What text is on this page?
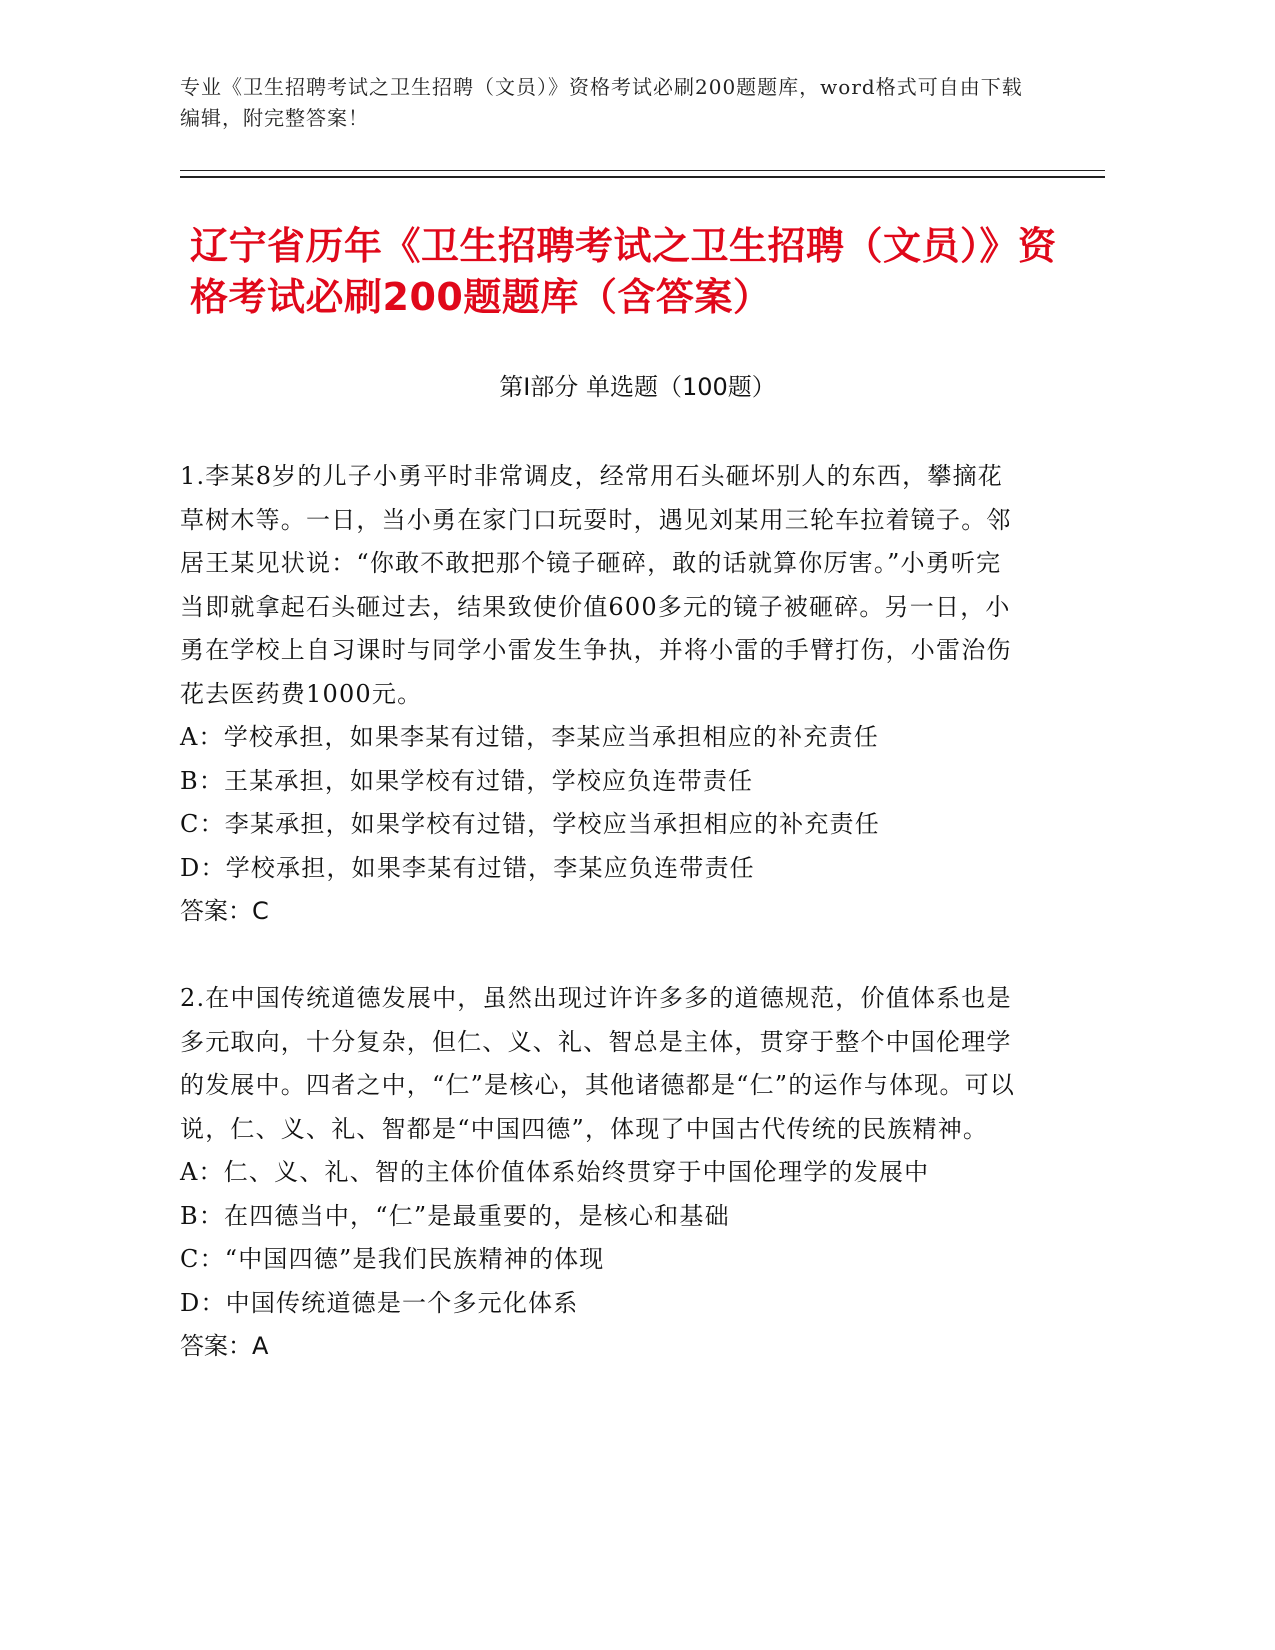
专业《卫生招聘考试之卫生招聘（文员）》资格考试必刷200题题库，word格式可自由下载编辑，附完整答案！
辽宁省历年《卫生招聘考试之卫生招聘（文员）》资格考试必刷200题题库（含答案）
第Ⅰ部分 单选题（100题）

1.李某8岁的儿子小勇平时非常调皮，经常用石头砸坏别人的东西，攀摘花草树木等。一日，当小勇在家门口玩耍时，遇见刘某用三轮车拉着镜子。邻居王某见状说：“你敢不敢把那个镜子砸碎，敢的话就算你厉害。”小勇听完当即就拿起石头砸过去，结果致使价值600多元的镜子被砸碎。另一日，小勇在学校上自习课时与同学小雷发生争执，并将小雷的手臂打伤，小雷治伤花去医药费1000元。

A：学校承担，如果李某有过错，李某应当承担相应的补充责任

B：王某承担，如果学校有过错，学校应负连带责任

C：李某承担，如果学校有过错，学校应当承担相应的补充责任

D：学校承担，如果李某有过错，李某应负连带责任

答案：C

2.在中国传统道德发展中，虽然出现过许许多多的道德规范，价值体系也是多元取向，十分复杂，但仁、义、礼、智总是主体，贯穿于整个中国伦理学的发展中。四者之中，“仁”是核心，其他诸德都是“仁”的运作与体现。可以说，仁、义、礼、智都是“中国四德”，体现了中国古代传统的民族精神。

A：仁、义、礼、智的主体价值体系始终贯穿于中国伦理学的发展中

B：在四德当中，“仁”是最重要的，是核心和基础

C：“中国四德”是我们民族精神的体现

D：中国传统道德是一个多元化体系

答案：A
